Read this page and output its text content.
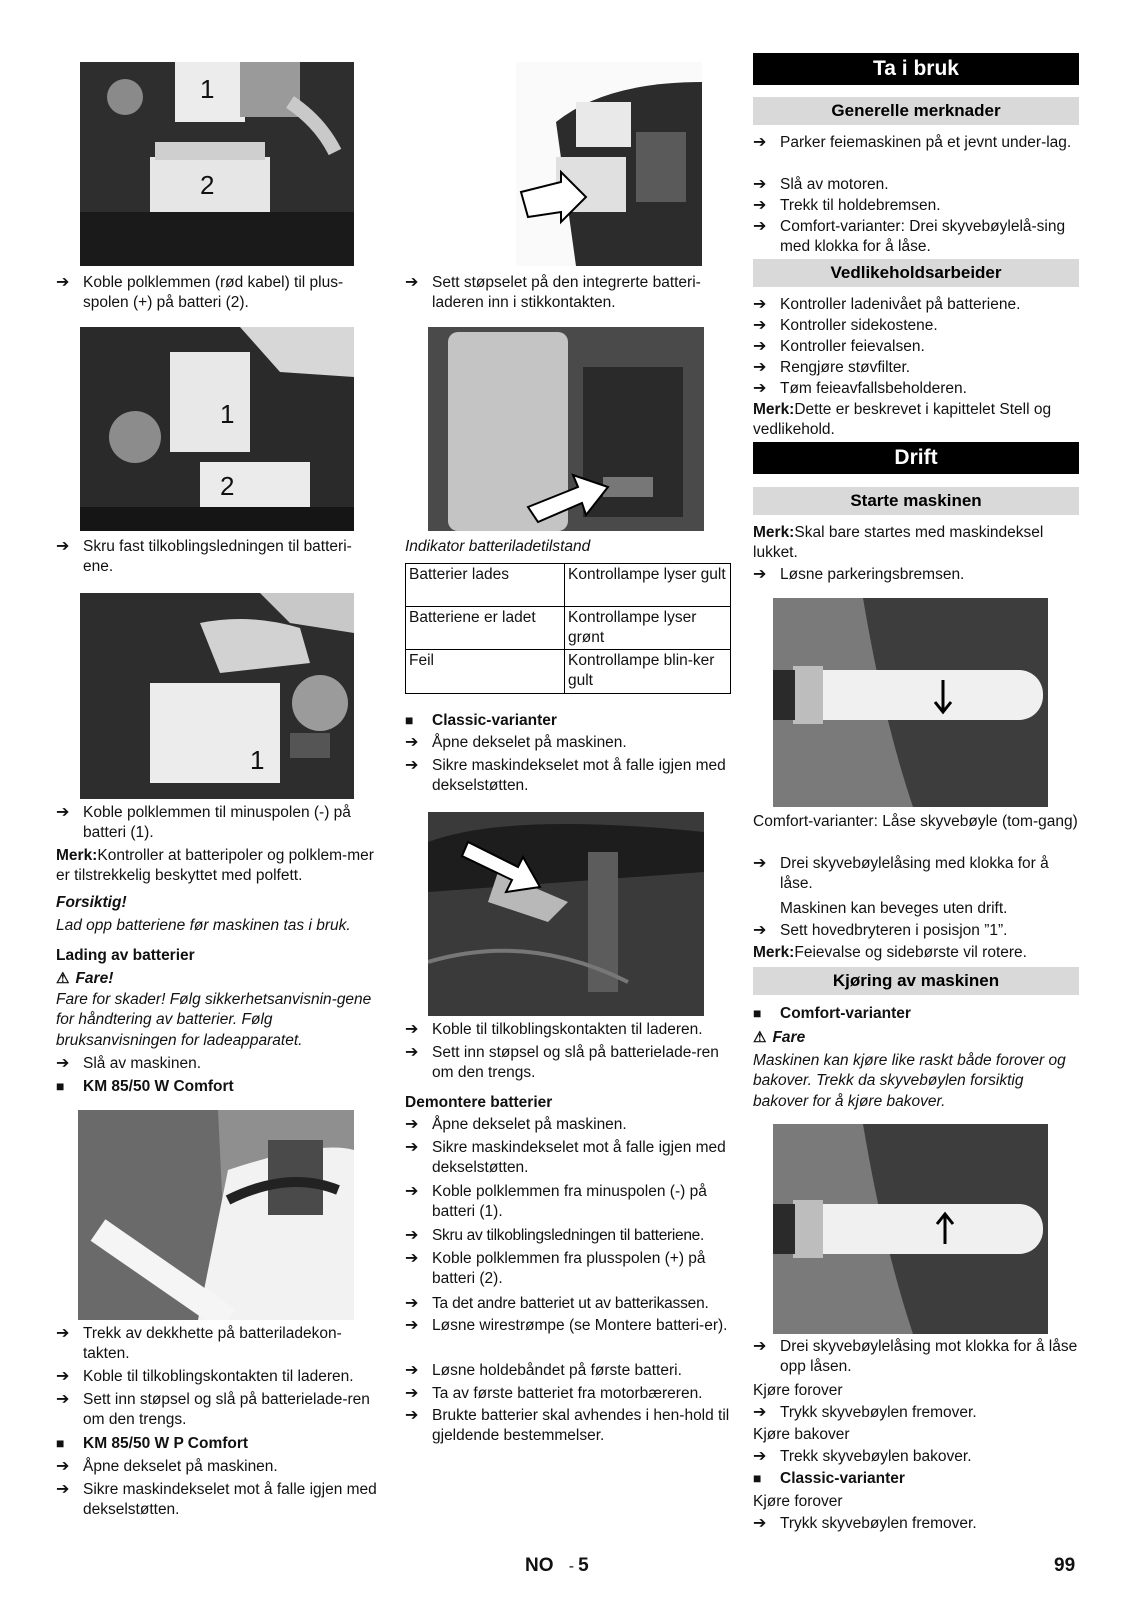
1
2
➔ Koble polklemmen (rød kabel) til plus-spolen (+) på batteri (2).
1
2
➔ Skru fast tilkoblingsledningen til batteri-ene.
1
➔ Koble polklemmen til minuspolen (-) på batteri (1).
Merk:Kontroller at batteripoler og polklem-mer er tilstrekkelig beskyttet med polfett.
Forsiktig!
Lad opp batteriene før maskinen tas i bruk.
Lading av batterier
⚠ Fare!
Fare for skader! Følg sikkerhetsanvisnin-gene for håndtering av batterier. Følg bruksanvisningen for ladeapparatet.
➔ Slå av maskinen.
■	KM 85/50 W Comfort
➔ Trekk av dekkhette på batteriladekon-takten.
➔ Koble til tilkoblingskontakten til laderen.
➔ Sett inn støpsel og slå på batterielade-ren om den trengs.
■	KM 85/50 W P Comfort
➔ Åpne dekselet på maskinen.
➔ Sikre maskindekselet mot å falle igjen med dekselstøtten.
➔ Sett støpselet på den integrerte batteri-laderen inn i stikkontakten.
Indikator batteriladetilstand
Batterier lades	Kontrollampe lyser gult
Batteriene er ladet	Kontrollampe lyser grønt
Feil	Kontrollampe blin-ker gult
■	Classic-varianter
➔ Åpne dekselet på maskinen.
➔ Sikre maskindekselet mot å falle igjen med dekselstøtten.
➔ Koble til tilkoblingskontakten til laderen.
➔ Sett inn støpsel og slå på batterielade-ren om den trengs.
Demontere batterier
➔ Åpne dekselet på maskinen.
➔ Sikre maskindekselet mot å falle igjen med dekselstøtten.
➔ Koble polklemmen fra minuspolen (-) på batteri (1).
➔ Skru av tilkoblingsledningen til batteriene.
➔ Koble polklemmen fra plusspolen (+) på batteri (2).
➔ Ta det andre batteriet ut av batterikassen.
➔ Løsne wirestrømpe (se Montere batteri-er).
➔ Løsne holdebåndet på første batteri.
➔ Ta av første batteriet fra motorbæreren.
➔ Brukte batterier skal avhendes i hen-hold til gjeldende bestemmelser.
Ta i bruk
Generelle merknader
➔ Parker feiemaskinen på et jevnt under-lag.
➔ Slå av motoren.
➔ Trekk til holdebremsen.
➔ Comfort-varianter: Drei skyvebøylelå-sing med klokka for å låse.
Vedlikeholdsarbeider
➔ Kontroller ladenivået på batteriene.
➔ Kontroller sidekostene.
➔ Kontroller feievalsen.
➔ Rengjøre støvfilter.
➔ Tøm feieavfallsbeholderen.
Merk:Dette er beskrevet i kapittelet Stell og vedlikehold.
Drift
Starte maskinen
Merk:Skal bare startes med maskindeksel lukket.
➔ Løsne parkeringsbremsen.
Comfort-varianter: Låse skyvebøyle (tom-gang)
➔ Drei skyvebøylelåsing med klokka for å låse.
Maskinen kan beveges uten drift.
➔ Sett hovedbryteren i posisjon ”1”.
Merk:Feievalse og sidebørste vil rotere.
Kjøring av maskinen
■	Comfort-varianter
⚠ Fare
Maskinen kan kjøre like raskt både forover og bakover. Trekk da skyvebøylen forsiktig bakover for å kjøre bakover.
➔ Drei skyvebøylelåsing mot klokka for å låse opp låsen.
Kjøre forover
➔ Trykk skyvebøylen fremover.
Kjøre bakover
➔ Trekk skyvebøylen bakover.
■	Classic-varianter
Kjøre forover
➔ Trykk skyvebøylen fremover.
NO - 5	99
